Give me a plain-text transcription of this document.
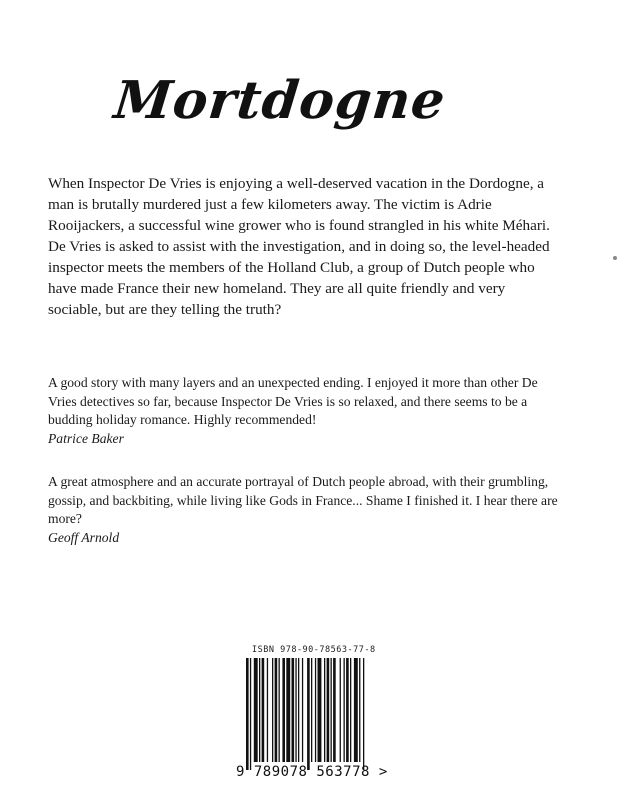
Mortdogne

When Inspector De Vries is enjoying a well-deserved vacation in the Dordogne, a man is brutally murdered just a few kilometers away. The victim is Adrie Rooijackers, a successful wine grower who is found strangled in his white Méhari. De Vries is asked to assist with the investigation, and in doing so, the level-headed inspector meets the members of the Holland Club, a group of Dutch people who have made France their new homeland. They are all quite friendly and very sociable, but are they telling the truth?

A good story with many layers and an unexpected ending. I enjoyed it more than other De Vries detectives so far, because Inspector De Vries is so relaxed, and there seems to be a budding holiday romance. Highly recommended!
Patrice Baker

A great atmosphere and an accurate portrayal of Dutch people abroad, with their grumbling, gossip, and backbiting, while living like Gods in France... Shame I finished it. I hear there are more?
Geoff Arnold

ISBN 978-90-78563-77-8
9 789078 563778 >
